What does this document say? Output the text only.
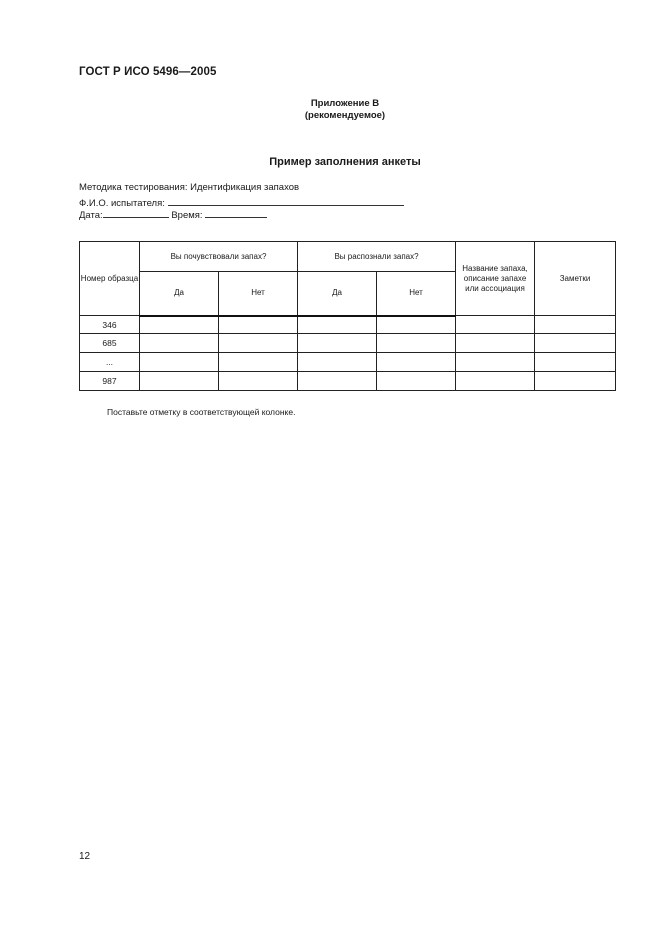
ГОСТ Р ИСО 5496—2005
Приложение В
(рекомендуемое)
Пример заполнения анкеты
Методика тестирования: Идентификация запахов
Ф.И.О. испытателя:
Дата:	Время:
Номер образца	Вы почувствовали запах?		Вы распознали запах?		Название запаха, описание запахе или ассоциация	Заметки
	Да	Нет	Да	Нет		
346						
685						
...						
987						
Поставьте отметку в соответствующей колонке.
12
